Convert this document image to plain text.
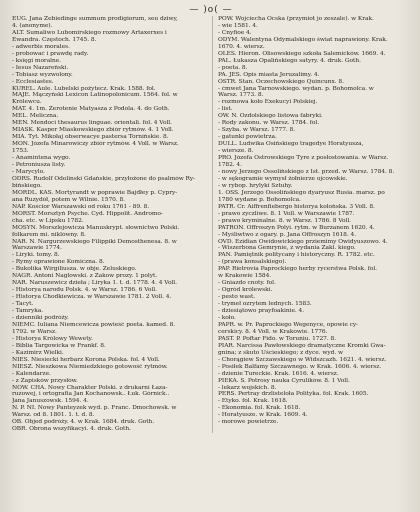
— )o( —
EUG. Jana Zebiedinge summum prodigiorum, seu dziwy,
4. (anonyme).
ALT. Sumaliwo Lubomirskiego rozmowy Artaxerxes i
Ewandra. Częstoch. 1745. 8.
- adwerbis morales.
- probować i prawdę rady.
- księgi moralne.
- Iesus Nazareński.
- Tobiasz wyzwolony.
- Ecclesiastes.
KUREL. Aule. Lubelski pożytecz. Krak. 1588. fol.
MAJE. Mączyński Lexicon Latinopolonicum. 1564. fol. w
Królewcu.
MAT. 4. 1m. Żerotenie Matyasza z Podola. 4. do Goth.
MEL. Meliczna.
MEN. Mendoci thesaurus linguae. orientali. fol. 4 Voll.
MIASK. Kasper Miaskowskiego zbiór rytmów. 4. 1 Voll.
MIA. Tyt. Mikołaj obserwacye pastersa Tornińskie. 8.
MON. Józefa Minarowiczy zbiór rytmów. 4 Voll. w Warsz.
1753.
- Anamintena wygo.
- Petroniusza listy.
- Marycylo.
ODRS. Rudolf Odolinski Gdańskie, przyłożone do psalmów Ry-
bińskiego.
MORDL. KAS. Mortyrandt w poprawie Bajdłey p. Cypry-
ana Ruzydół, potem w Wilnie. 1570. 8.
NAP. Kościor Warszawski od roku 1761 - 89. 8.
MORST. Morsztyń Psyche. Cyd. Hippolit. Andromo-
cha. etc. w Lipsku 1782.
MOSYN. Morszlejowicza Manuskrypt. słownictwo Polski.
folkarem mi. niklówny. 8.
NAR. N. Nargurzewskiego Filippiki Demosthenesa. 8. w
Warszawie 1774.
- Liryki. tomy. 8.
- Rymy oprawione Komiczna. 8.
- Bukolika Wirgiliusza. w obje. Zeluskiego.
NAGR. Antoni Naglowski. z Zakow prozy. 1 polyt.
NAR. Naruszewicz dzieła ; Liryka 1. t. d. 1778. 4. 4 Voll.
- Historya narodu Polsk. 4. w Warsz. 1786. 6 Voll.
- Historya Chodkiewicza. w Warszawie 1781. 2 Voll. 4.
- Tacyt.
- Tamryka.
- dzienniki podróży.
NIEMC. Iuliana Niemcewicza powieść poeta. kamed. 8.
1792. w Warsz.
- Historya Królowy Wewety.
- Biblia Targowicka w Frankf. 8.
- Kazimirz Wielki.
NIES. Niesiecki herbarz Korona Polska. fol. 4 Voll.
NIESZ. Nieszkowa Niemiedzkiego gotowość rytmów.
- Kalendarze.
- z Zapisków przysłów.
NOW. CHA. Nowy Charakter Polski. z drukarni Łaza-
ruzowej, i ortografia Jan Kochanowsk.. Łuk. Górnick..
Jana Januszowsk. 1594. 4.
N. P. NI. Nowy Panteyzek wyd. p. Franc. Dmochowsk. w
Warsz. od 8. 1801. 1. t. d. 8.
OB. Objed podróży. 4. w Krak. 1684. druk. Goth.
OBR. Obrona wszyfikacyi. 4. druk. Goth.
POW. Wojciecha Ocska (przymiot jo zeszale). w Krak.
- wie 1581. 4.
- Cnyfioe 4.
ODYM. Walentyna Odymalskiego świat naprawiony. Krak.
1670. 4. wiersz.
OLES. Hieron. Olisowskiego szkoła Salemicków. 1669. 4.
PAL. Łukasza Opalińskiego satyry. 4. druk. Goth.
- poeta. 8.
PA. JES. Opis miasta Jeruzalimy. 4.
OSTR. Stan. Oczechowskiego Quincunx. 8.
- ćmwet Jana Tarnowskiego. wydan. p. Bohomolca. w
Warsz. 1773. 8.
- rozmowa koło Exekucyi Polskiej.
- list.
OW. N. Ozdolskiego listowa fabryki.
- Rody zakonu. w Warsz. 1784. fol.
- Szyba. w Warsz. 1777. 8.
- gatunki powietrza.
DULL. Ludwika Osińskiego tragedye Horatyusza,
- wiersze. 8.
PRO. Józefa Ostrowskiego Tyre z posłostowania. w Warsz.
1782. 4.
- nowy Jerzego Ossolińskiego z Ist. przed. w Warsz. 1784. 8.
- w sękogramie wymysł żołnierze ojcowskie.
- w rybop. hrylyki Sztuhy.
1. OSS. Jerzego Ossolińskiego dyaryusz Rusia. marsz. po
1780 wydane p. Bohomolca.
PATR. Cr. Aiffrenfiebergo historya kolońska. 3 Voll. 8.
- prawo zyczliwe. 8. 1 Voll. w Warszawie 1787.
- prawo kryminalne. 8. w Warsz. 1786. 8 Voll.
PATRON. Offroszyn Polyi. rytm. w Burzanem 1620. 4.
- Myśliwtwo z ogary. p. Jana Offroszyn 1618. 4.
OVD. Ezidian Owidowickiego prziemimy Owidyuszowo. 4.
- Wiszerbona Gemrynie, z wydania Zakl. kiego.
PAN. Pamiętnik politycany i historyczny. R. 1782. etc.
- (prawa konsalskiego).
PAP. Rietrovia Paprockiego herby rycerstwa Polsk. fol.
w Krakowie 1584.
- Gniazdo cnoty. fol.
- Ogród królewski.
- pesto wast.
- trymeł ozrytem lednych. 1583.
- dziesiątowo prayfoakinie. 4.
- koło.
PAPR. w. Pr. Paprockiego Wegenyce, opowie cy-
cerskicy. 8. 4 Voll. w Krakowie. 1776.
PAST. P. Poftar Fido. w Toruniu. 1727. 8.
PIAR. Narcissa Pawłowskiego dramatyczne Kromki Gwa-
gnina; z skuto Uścieskiego; z dyce. wyd. w
- Chorągiew Szczawskiego w Widszcazh. 1621. 4. wiersz.
- Posiłek Balfamy Szczawnego. w Krak. 1606. 4. wiersz.
- dzienie Tureckie. Krak. 1616. 4. wiersz.
PIEKA. S. Potrosy nauka Cyrulików. 8. 1 Voll.
- lekarz wojskich. 8.
PERS. Pertray drzlisteloła Polityka. fol. Krak. 1605.
- Etyko. fol. Krak. 1618.
- Ekonomia. fol. Krak. 1618.
- Horatyusze. w Krak. 1609. 4.
- morowe powietrze.
